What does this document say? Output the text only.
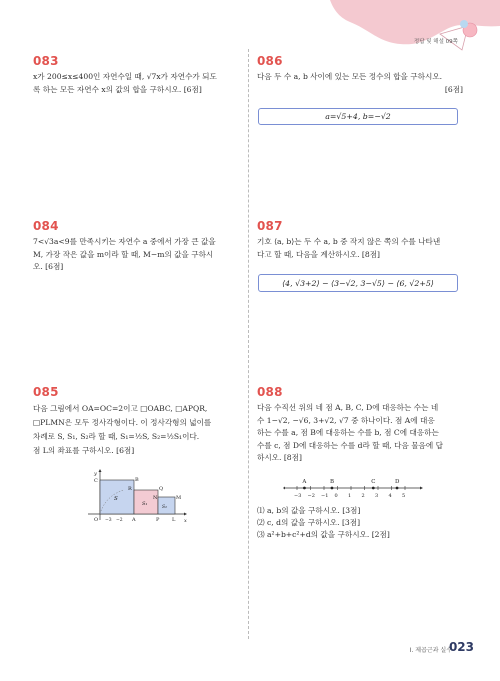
정답 및 해설 09쪽
083
x가 200≤x≤400인 자연수일 때, √7x가 자연수가 되도
록 하는 모든 자연수 x의 값의 합을 구하시오. [6점]
086
다음 두 수 a, b 사이에 있는 모든 정수의 합을 구하시오.
[6점]
a=√5+4, b=−√2
084
7<√3a<9를 만족시키는 자연수 a 중에서 가장 큰 값을
M, 가장 작은 값을 m이라 할 때, M−m의 값을 구하시
오. [6점]
087
기호 ⟨a, b⟩는 두 수 a, b 중 작지 않은 쪽의 수를 나타낸
다고 할 때, 다음을 계산하시오. [8점]
⟨4, √3+2⟩ − ⟨3−√2, 3−√5⟩ − ⟨6, √2+5⟩
085
다음 그림에서 OA=OC=2이고 □OABC, □APQR,
□PLMN은 모두 정사각형이다. 이 정사각형의 넓이를
차례로 S, S₁, S₂라 할 때, S₁=½S, S₂=½S₁이다.
점 L의 좌표를 구하시오. [6점]
y
x
O −3 −2
C	B
R	Q
N	M
A	P	L
S
S₁
S₂
088
다음 수직선 위의 네 점 A, B, C, D에 대응하는 수는 네
수 1−√2, −√6, 3+√2, √7 중 하나이다. 점 A에 대응
하는 수를 a, 점 B에 대응하는 수를 b, 점 C에 대응하는
수를 c, 점 D에 대응하는 수를 d라 할 때, 다음 물음에 답
하시오. [8점]
−3 −2 −1 0 1 2 3 4 5
A	B	C	D
⑴ a, b의 값을 구하시오. [3점]
⑵ c, d의 값을 구하시오. [3점]
⑶ a²+b+c²+d의 값을 구하시오. [2점]
I. 제곱근과 실수
023
